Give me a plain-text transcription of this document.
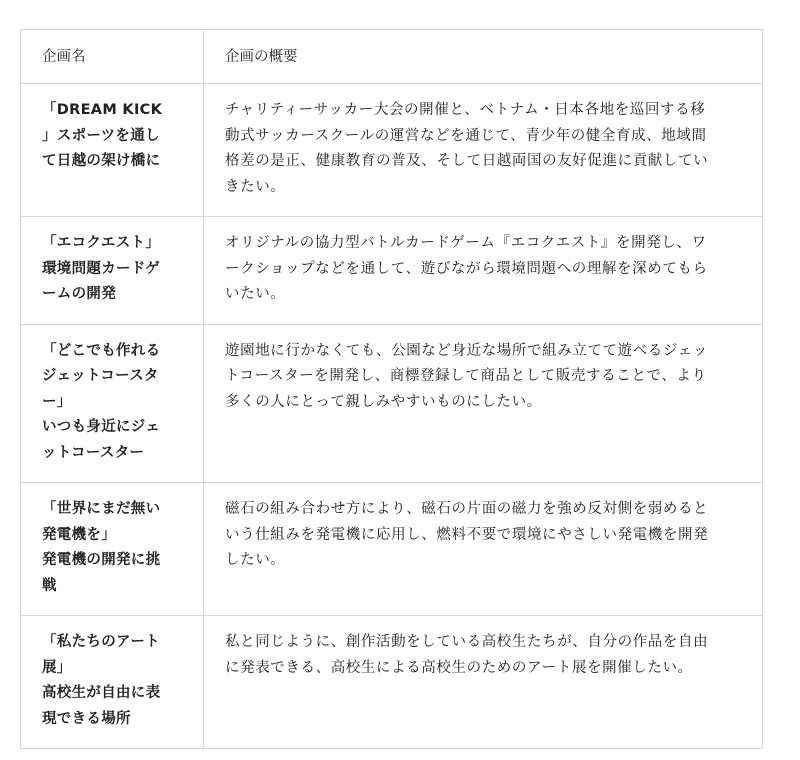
企画名	企画の概要

「DREAM KICK
」スポーツを通し
て日越の架け橋に	チャリティーサッカー大会の開催と、ベトナム・日本各地を巡回する移
動式サッカースクールの運営などを通じて、青少年の健全育成、地域間
格差の是正、健康教育の普及、そして日越両国の友好促進に貢献してい
きたい。

「エコクエスト」
環境問題カードゲ
ームの開発	オリジナルの協力型バトルカードゲーム『エコクエスト』を開発し、ワ
ークショップなどを通して、遊びながら環境問題への理解を深めてもら
いたい。

「どこでも作れる
ジェットコースタ
ー」
いつも身近にジェ
ットコースター	遊園地に行かなくても、公園など身近な場所で組み立てて遊べるジェッ
トコースターを開発し、商標登録して商品として販売することで、より
多くの人にとって親しみやすいものにしたい。

「世界にまだ無い
発電機を」
発電機の開発に挑
戦	磁石の組み合わせ方により、磁石の片面の磁力を強め反対側を弱めると
いう仕組みを発電機に応用し、燃料不要で環境にやさしい発電機を開発
したい。

「私たちのアート
展」
高校生が自由に表
現できる場所	私と同じように、創作活動をしている高校生たちが、自分の作品を自由
に発表できる、高校生による高校生のためのアート展を開催したい。
